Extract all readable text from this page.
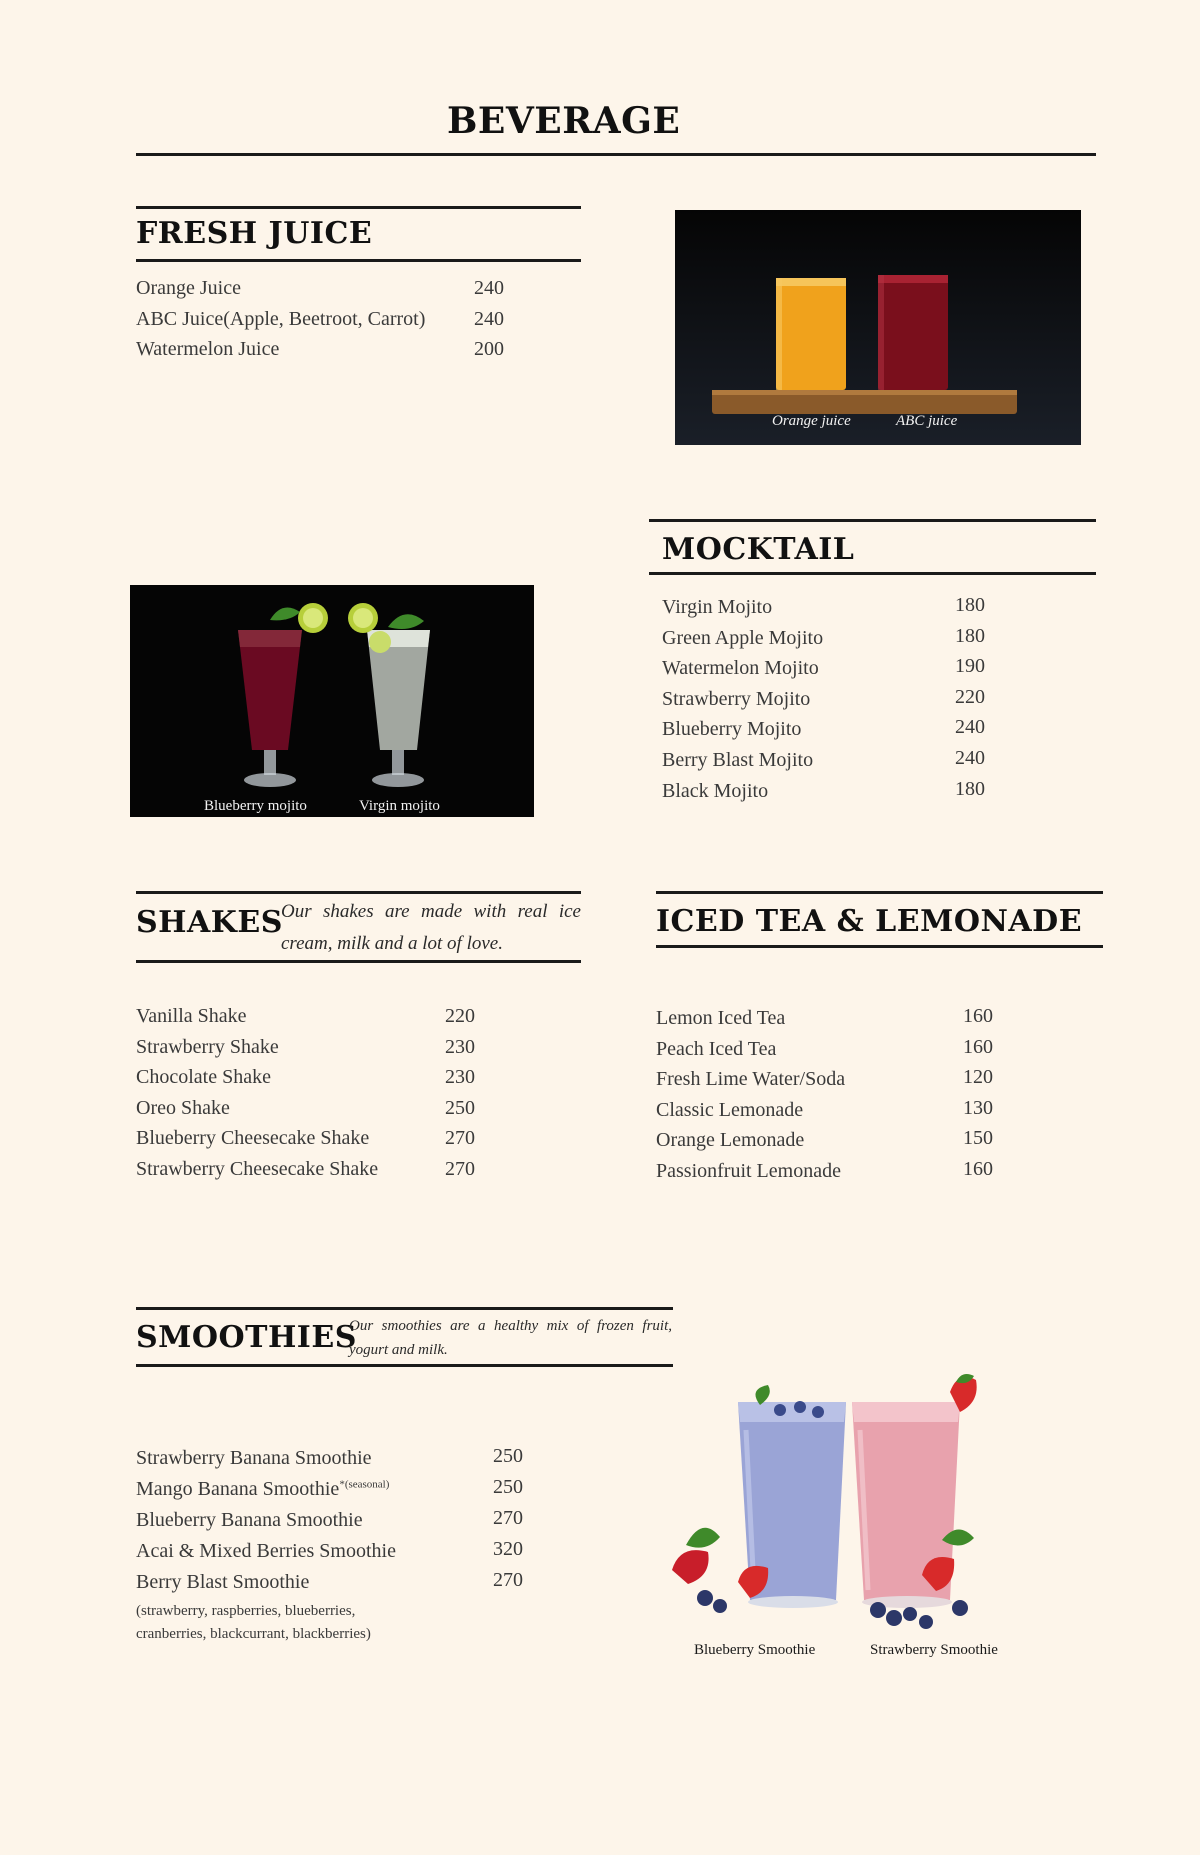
BEVERAGE
FRESH JUICE
Orange Juice	240
ABC Juice(Apple, Beetroot, Carrot) 240
Watermelon Juice	200
Orange juice	ABC juice
MOCKTAIL
Virgin Mojito	180
Green Apple Mojito	180
Watermelon Mojito	190
Strawberry Mojito	220
Blueberry Mojito	240
Berry Blast Mojito	240
Black Mojito	180
Blueberry mojito	Virgin mojito
SHAKES
Our shakes are made with real ice cream, milk and a lot of love.
Vanilla Shake	220
Strawberry Shake	230
Chocolate Shake	230
Oreo Shake	250
Blueberry Cheesecake Shake	270
Strawberry Cheesecake Shake	270
ICED TEA & LEMONADE
Lemon Iced Tea	160
Peach Iced Tea	160
Fresh Lime Water/Soda	120
Classic Lemonade	130
Orange Lemonade	150
Passionfruit Lemonade	160
SMOOTHIES
Our smoothies are a healthy mix of frozen fruit, yogurt and milk.
Strawberry Banana Smoothie	250
Mango Banana Smoothie$^{*(seasonal)}$	250
Blueberry Banana Smoothie	270
Acai & Mixed Berries Smoothie	320
Berry Blast Smoothie	270
(strawberry, raspberries, blueberries, cranberries, blackcurrant, blackberries)
Blueberry Smoothie	Strawberry Smoothie
